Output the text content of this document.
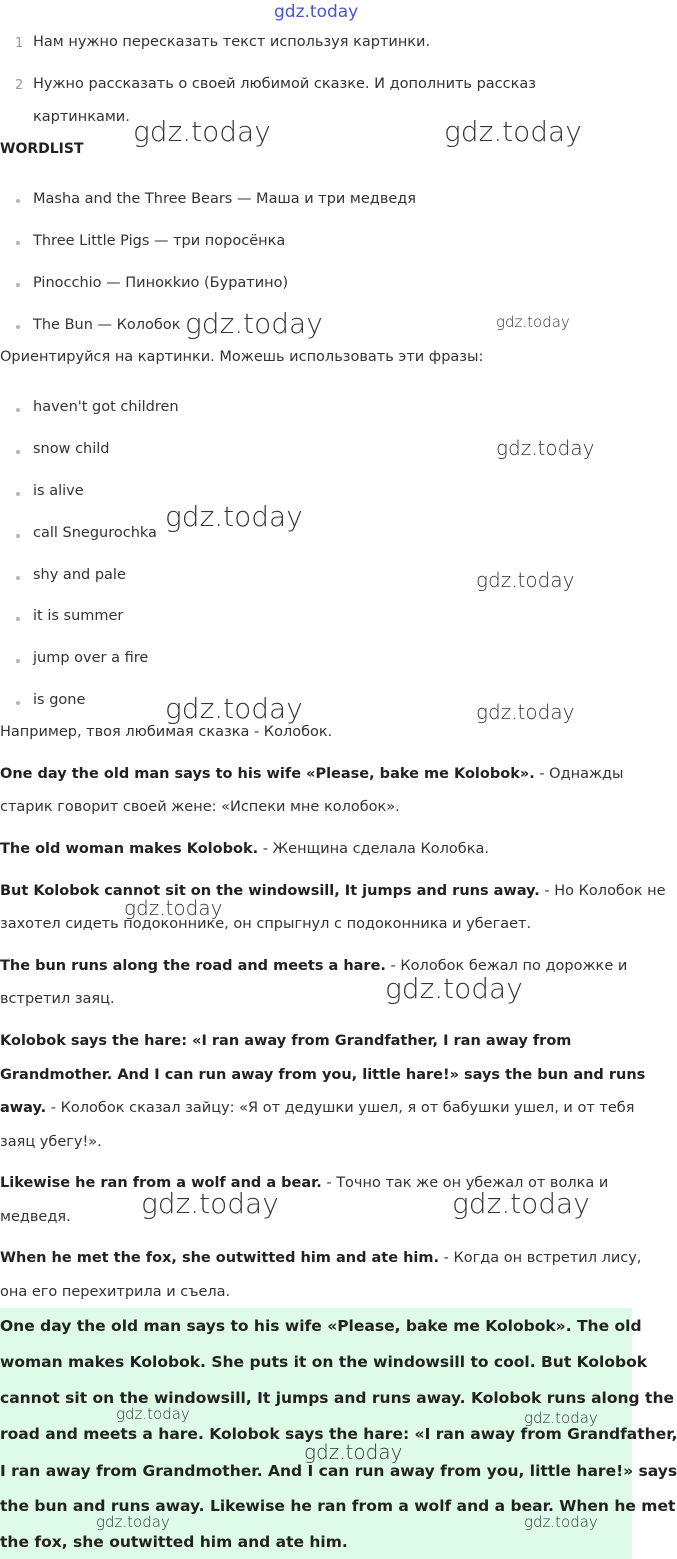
gdz.today
1 Нам нужно пересказать текст используя картинки.
2 Нужно рассказать о своей любимой сказке. И дополнить рассказ
картинками.
WORDLIST
Masha and the Three Bears — Маша и три медведя
Three Little Pigs — три поросёнка
Pinocchio — Пинокkио (Буратино)
The Bun — Колобок
Ориентируйся на картинки. Можешь использовать эти фразы:
haven't got children
snow child
is alive
call Snegurochka
shy and pale
it is summer
jump over a fire
is gone
Например, твоя любимая сказка - Колобок.
One day the old man says to his wife «Please, bake me Kolobok». - Однажды
старик говорит своей жене: «Испеки мне колобок».
The old woman makes Kolobok. - Женщина сделала Колобка.
But Kolobok cannot sit on the windowsill, It jumps and runs away. - Но Колобок не
захотел сидеть подоконнике, он спрыгнул с подоконника и убегает.
The bun runs along the road and meets a hare. - Колобок бежал по дорожке и
встретил заяц.
Kolobok says the hare: «I ran away from Grandfather, I ran away from
Grandmother. And I can run away from you, little hare!» says the bun and runs
away. - Колобок сказал зайцу: «Я от дедушки ушел, я от бабушки ушел, и от тебя
заяц убегу!».
Likewise he ran from a wolf and a bear. - Точно так же он убежал от волка и
медведя.
When he met the fox, she outwitted him and ate him. - Когда он встретил лису,
она его перехитрила и съела.
One day the old man says to his wife «Please, bake me Kolobok». The old
woman makes Kolobok. She puts it on the windowsill to cool. But Kolobok
cannot sit on the windowsill, It jumps and runs away. Kolobok runs along the
road and meets a hare. Kolobok says the hare: «I ran away from Grandfather,
I ran away from Grandmother. And I can run away from you, little hare!» says
the bun and runs away. Likewise he ran from a wolf and a bear. When he met
the fox, she outwitted him and ate him.
gdz.today	gdz.today
gdz.today	gdz.today
gdz.today
gdz.today
gdz.today
gdz.today	gdz.today
gdz.today
gdz.today
gdz.today	gdz.today
gdz.today	gdz.today
gdz.today
gdz.today	gdz.today
